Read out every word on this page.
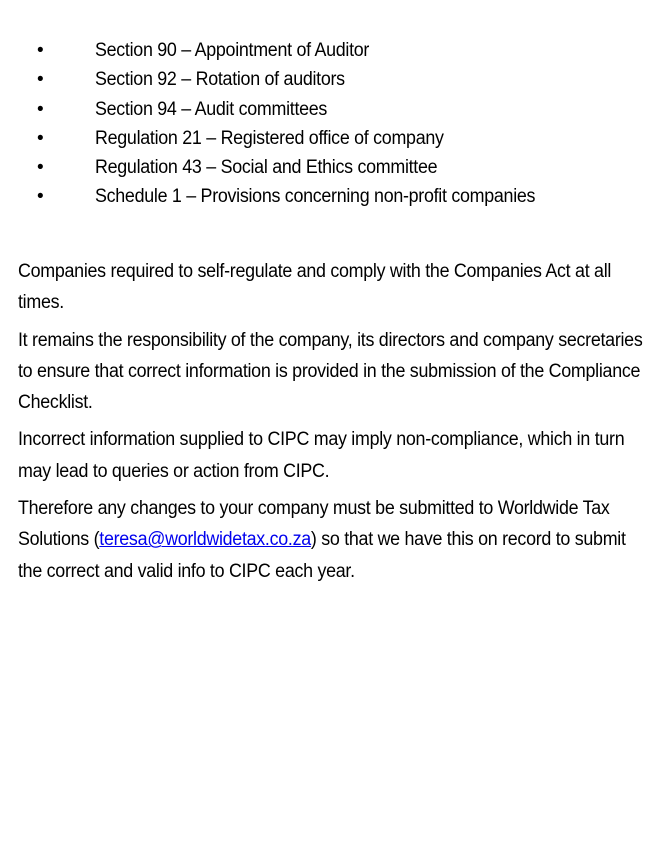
•	Section 90 – Appointment of Auditor
•	Section 92 – Rotation of auditors
•	Section 94 – Audit committees
•	Regulation 21 – Registered office of company
•	Regulation 43 – Social and Ethics committee
•	Schedule 1 – Provisions concerning non-profit companies

Companies required to self-regulate and comply with the Companies Act at all times.

It remains the responsibility of the company, its directors and company secretaries to ensure that correct information is provided in the submission of the Compliance Checklist.

Incorrect information supplied to CIPC may imply non-compliance, which in turn may lead to queries or action from CIPC.

Therefore any changes to your company must be submitted to Worldwide Tax Solutions (teresa@worldwidetax.co.za) so that we have this on record to submit the correct and valid info to CIPC each year.
